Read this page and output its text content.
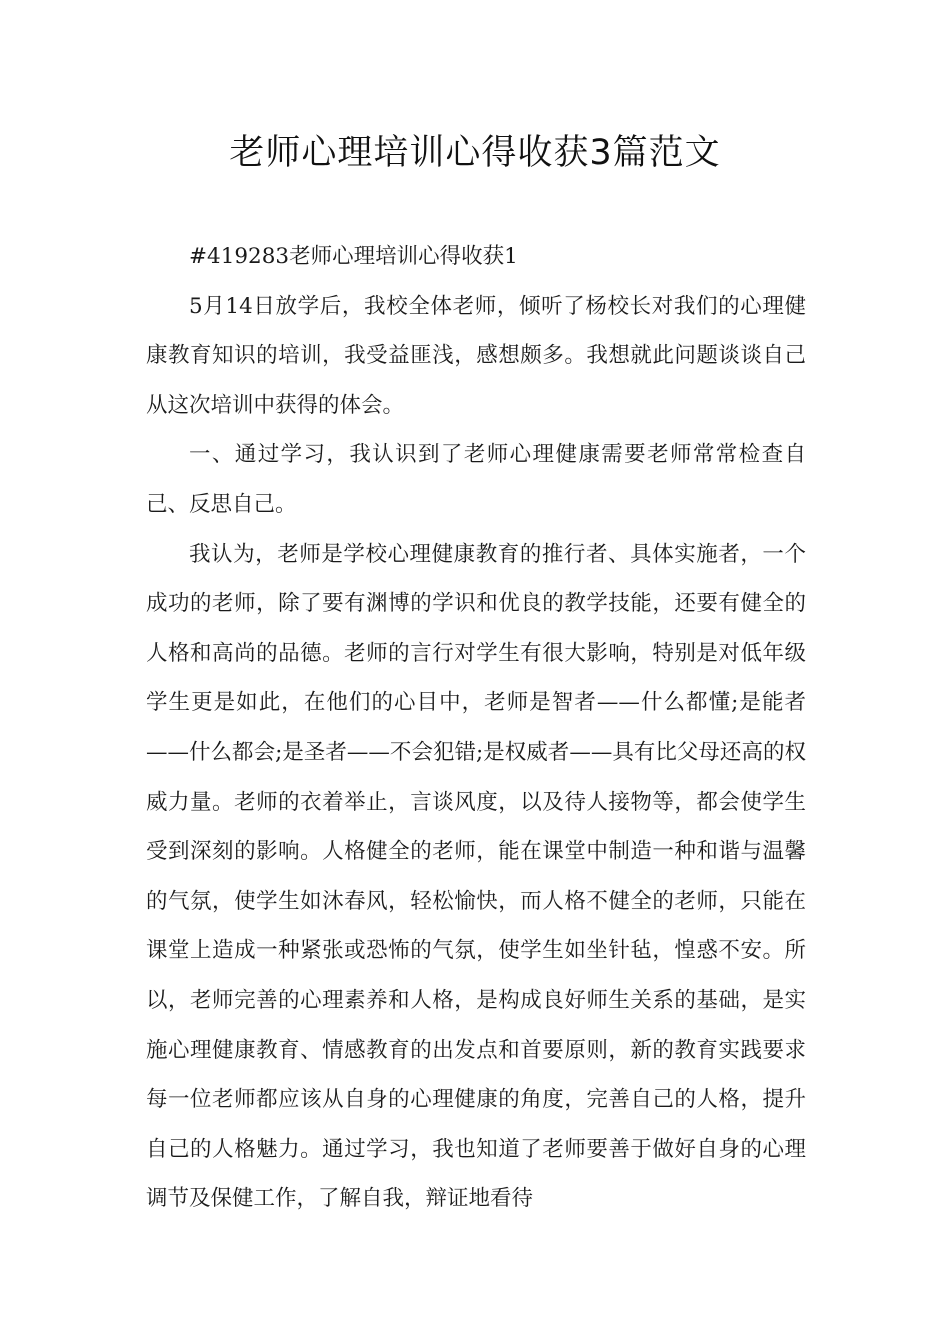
老师心理培训心得收获3篇范文

#419283老师心理培训心得收获1

5月14日放学后，我校全体老师，倾听了杨校长对我们的心理健康教育知识的培训，我受益匪浅，感想颇多。我想就此问题谈谈自己从这次培训中获得的体会。

一、通过学习，我认识到了老师心理健康需要老师常常检查自己、反思自己。

我认为，老师是学校心理健康教育的推行者、具体实施者，一个成功的老师，除了要有渊博的学识和优良的教学技能，还要有健全的人格和高尚的品德。老师的言行对学生有很大影响，特别是对低年级学生更是如此，在他们的心目中，老师是智者——什么都懂;是能者——什么都会;是圣者——不会犯错;是权威者——具有比父母还高的权威力量。老师的衣着举止，言谈风度，以及待人接物等，都会使学生受到深刻的影响。人格健全的老师，能在课堂中制造一种和谐与温馨的气氛，使学生如沐春风，轻松愉快，而人格不健全的老师，只能在课堂上造成一种紧张或恐怖的气氛，使学生如坐针毡，惶惑不安。所以，老师完善的心理素养和人格，是构成良好师生关系的基础，是实施心理健康教育、情感教育的出发点和首要原则，新的教育实践要求每一位老师都应该从自身的心理健康的角度，完善自己的人格，提升自己的人格魅力。通过学习，我也知道了老师要善于做好自身的心理调节及保健工作，了解自我，辩证地看待
